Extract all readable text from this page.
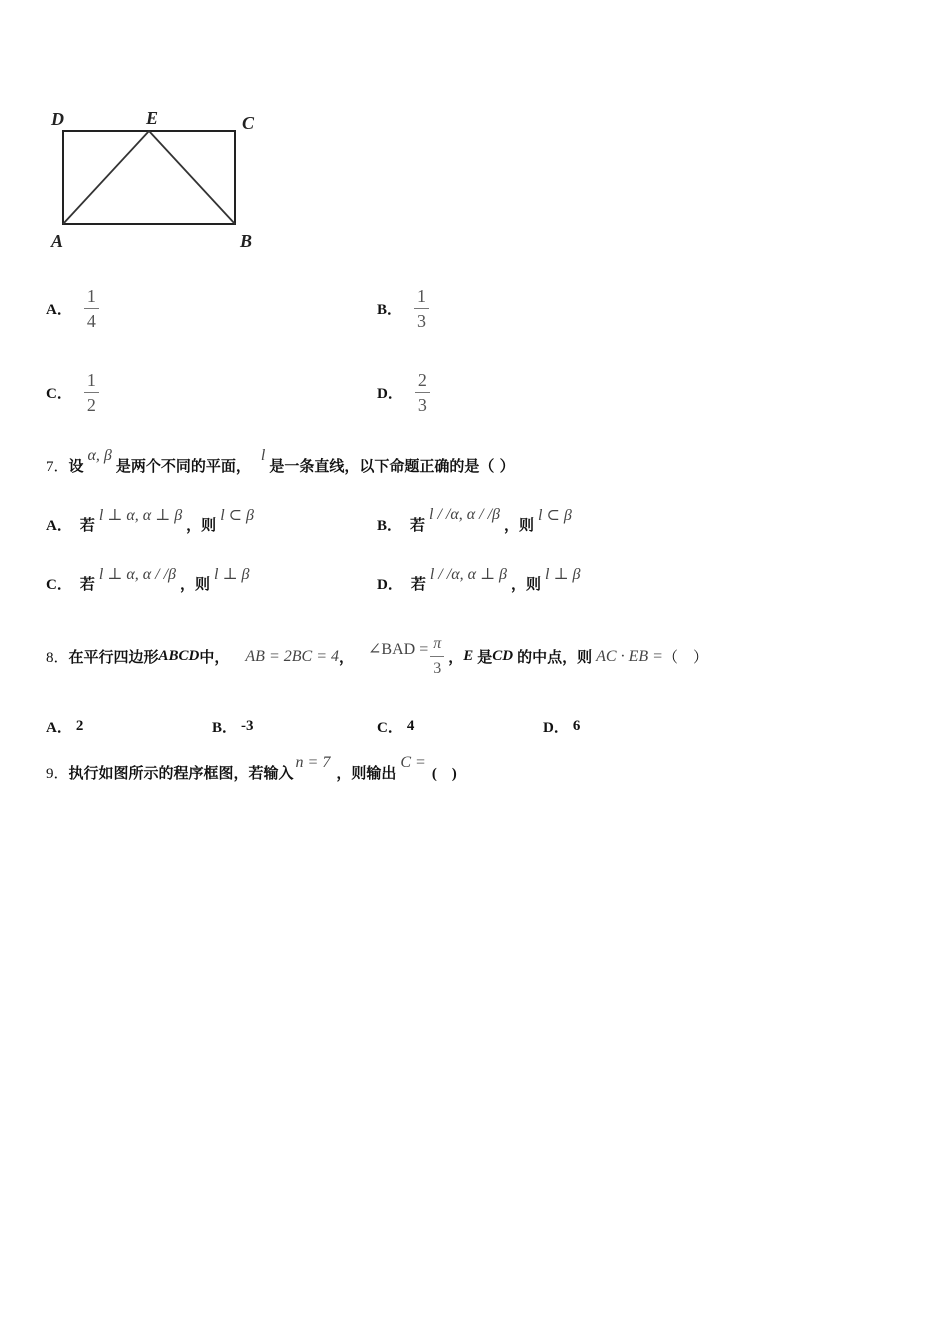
D	E	C
A	B
A． $\frac{1}{4}$	B． $\frac{1}{3}$
C． $\frac{1}{2}$	D． $\frac{2}{3}$
7． 设
α, β
是两个不同的平面，
l
是一条直线，以下命题正确的是（ ）
A． 若
l ⊥ α, α ⊥ β
，则
l ⊂ β
B． 若
l / /α, α / /β
，则
l ⊂ β
C． 若
l ⊥ α, α / /β
，则
l ⊥ β
D． 若
l / /α, α ⊥ β
，则
l ⊥ β
8． 在平行四边形 ABCD 中， AB = 2BC = 4 ， ∠BAD = $\frac{\pi}{3}$ ， E 是 CD 的中点，则 AC · EB = （　）
A． 2	B． -3	C． 4	D． 6
9． 执行如图所示的程序框图，若输入
n = 7
，则输出
C =
(　)
